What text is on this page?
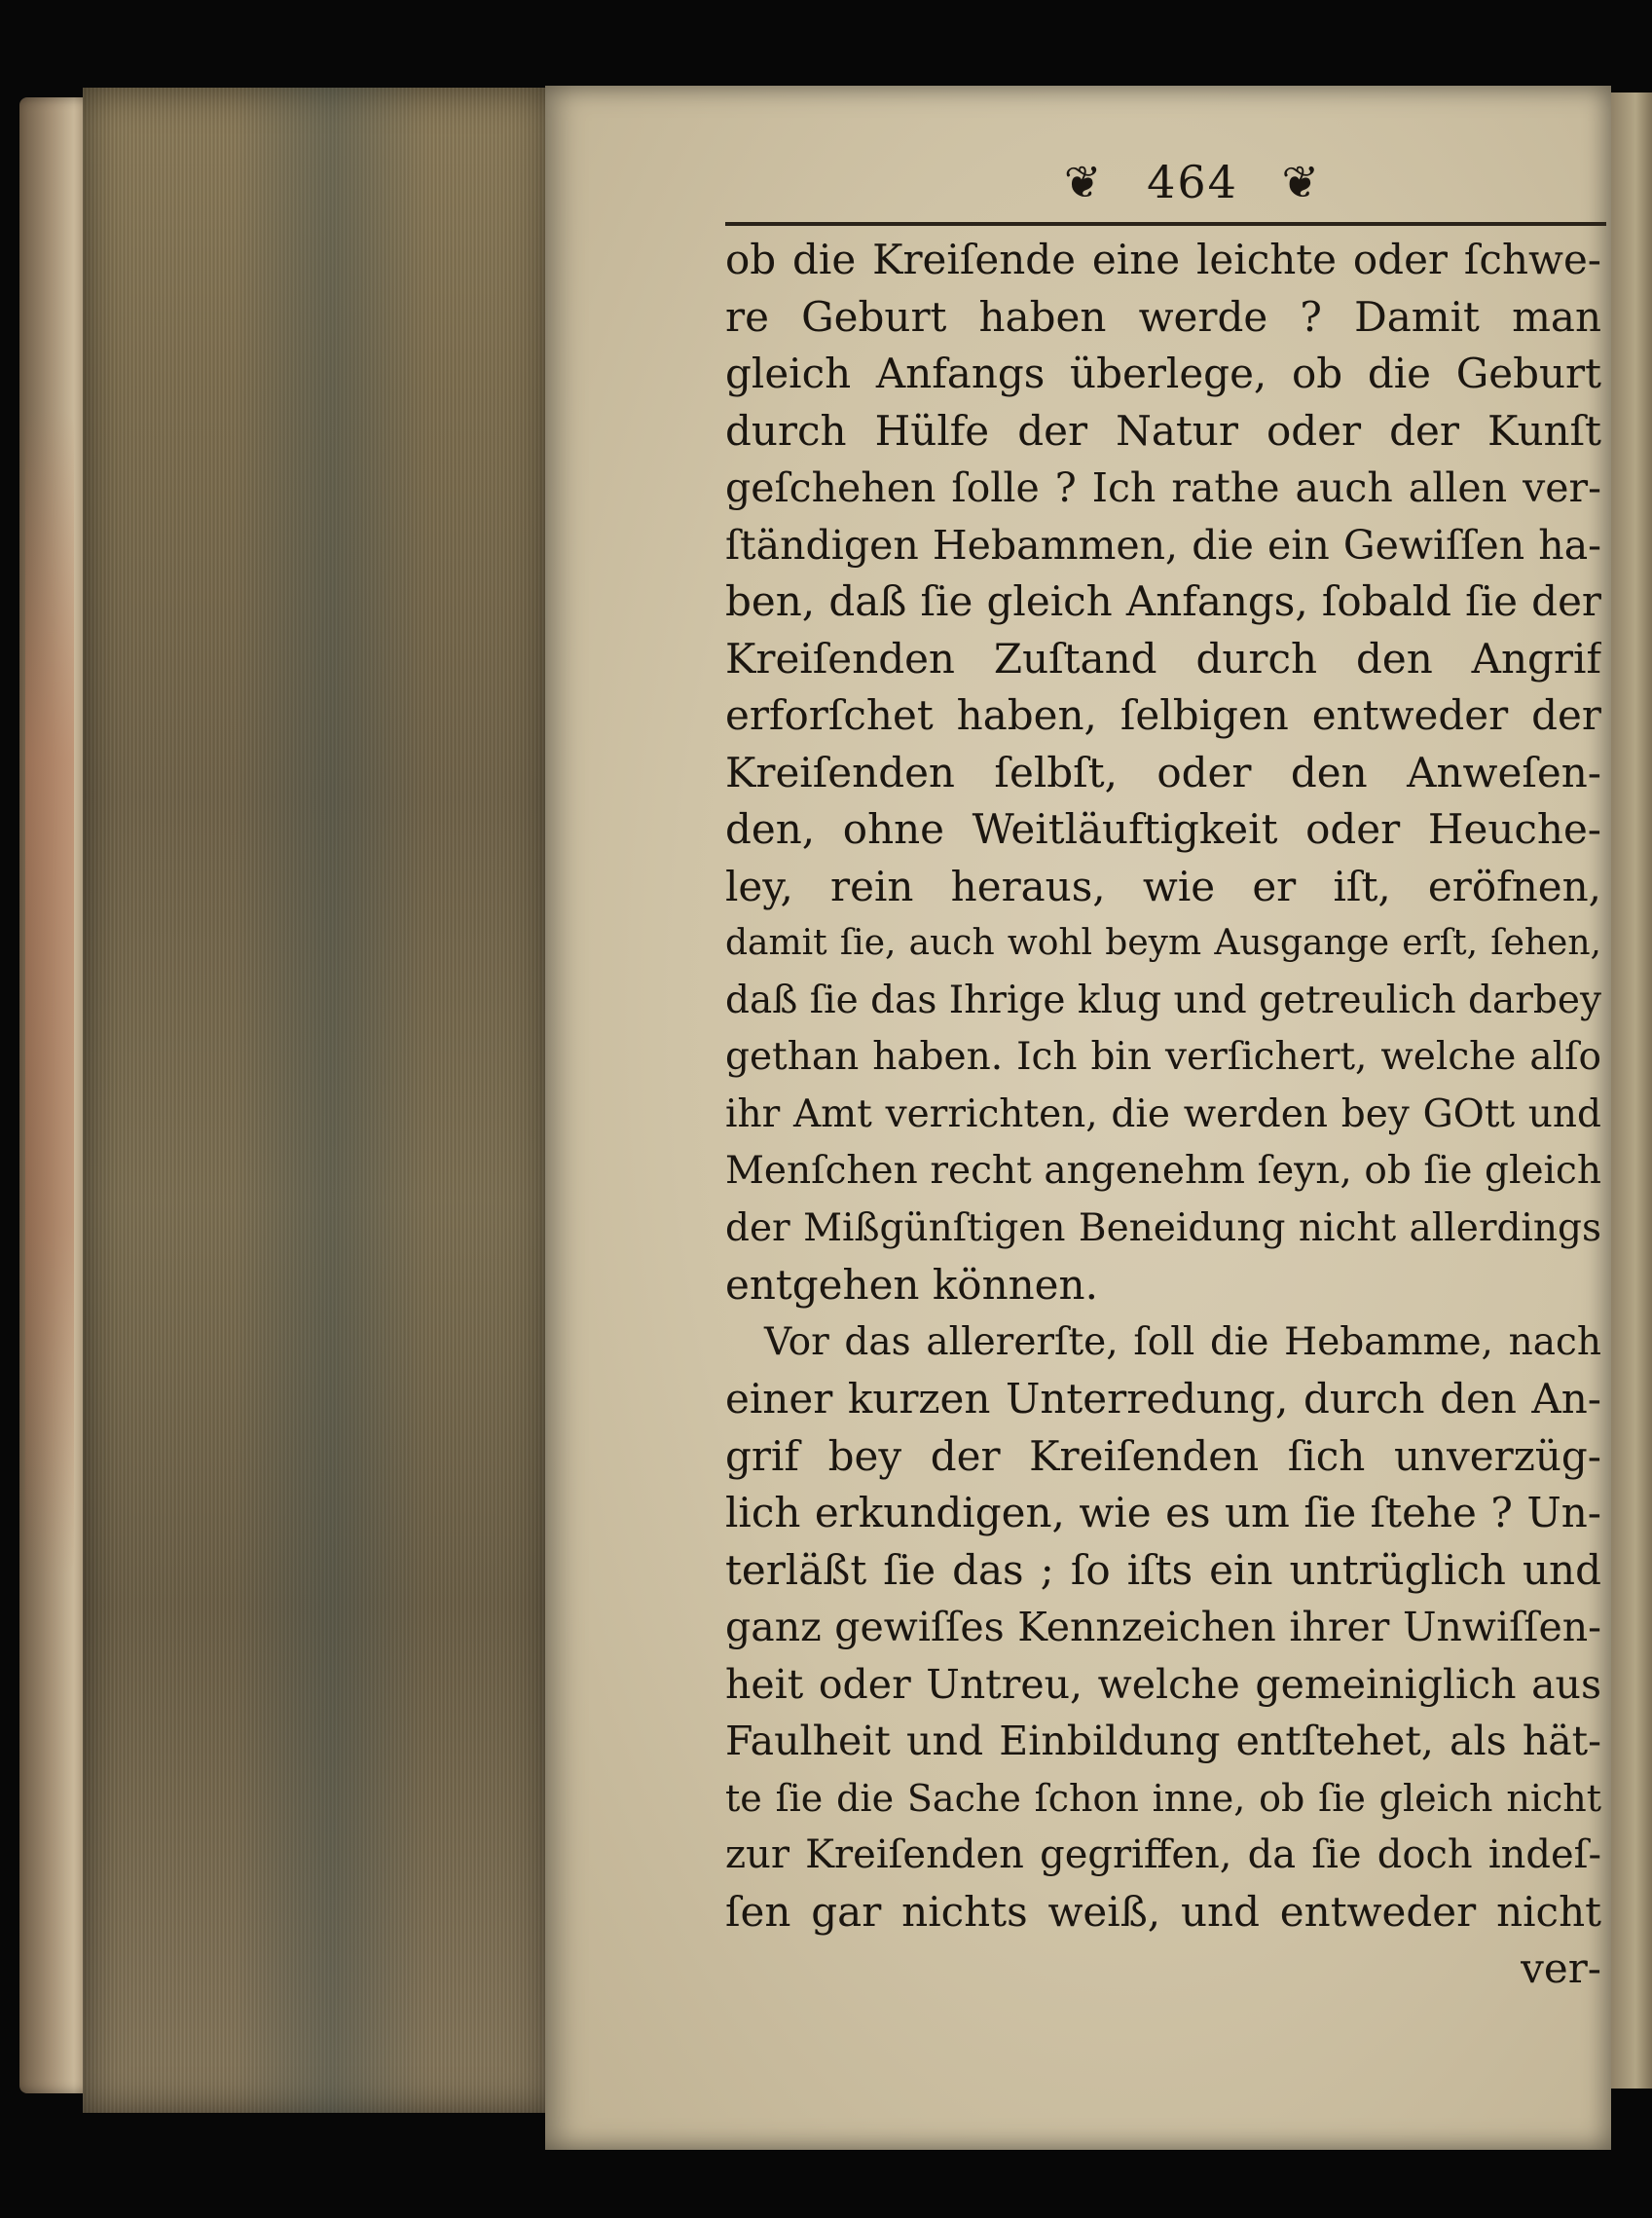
❦ 464 ❦
ob die Kreiſende eine leichte oder ſchwe‑
re Geburt haben werde ? Damit man
gleich Anfangs überlege, ob die Geburt
durch Hülfe der Natur oder der Kunſt
geſchehen ſolle ? Ich rathe auch allen ver‑
ſtändigen Hebammen, die ein Gewiſſen ha‑
ben, daß ſie gleich Anfangs, ſobald ſie der
Kreiſenden Zuſtand durch den Angrif
erforſchet haben, ſelbigen entweder der
Kreiſenden ſelbſt, oder den Anweſen‑
den, ohne Weitläuftigkeit oder Heuche‑
ley, rein heraus, wie er iſt, eröfnen,
damit ſie, auch wohl beym Ausgange erſt, ſehen,
daß ſie das Ihrige klug und getreulich darbey
gethan haben. Ich bin verſichert, welche alſo
ihr Amt verrichten, die werden bey GOtt und
Menſchen recht angenehm ſeyn, ob ſie gleich
der Mißgünſtigen Beneidung nicht allerdings
entgehen können.
Vor das allererſte, ſoll die Hebamme, nach
einer kurzen Unterredung, durch den An‑
grif bey der Kreiſenden ſich unverzüg‑
lich erkundigen, wie es um ſie ſtehe ? Un‑
terläßt ſie das ; ſo iſts ein untrüglich und
ganz gewiſſes Kennzeichen ihrer Unwiſſen‑
heit oder Untreu, welche gemeiniglich aus
Faulheit und Einbildung entſtehet, als hät‑
te ſie die Sache ſchon inne, ob ſie gleich nicht
zur Kreiſenden gegriffen, da ſie doch indeſ‑
ſen gar nichts weiß, und entweder nicht
ver‑
